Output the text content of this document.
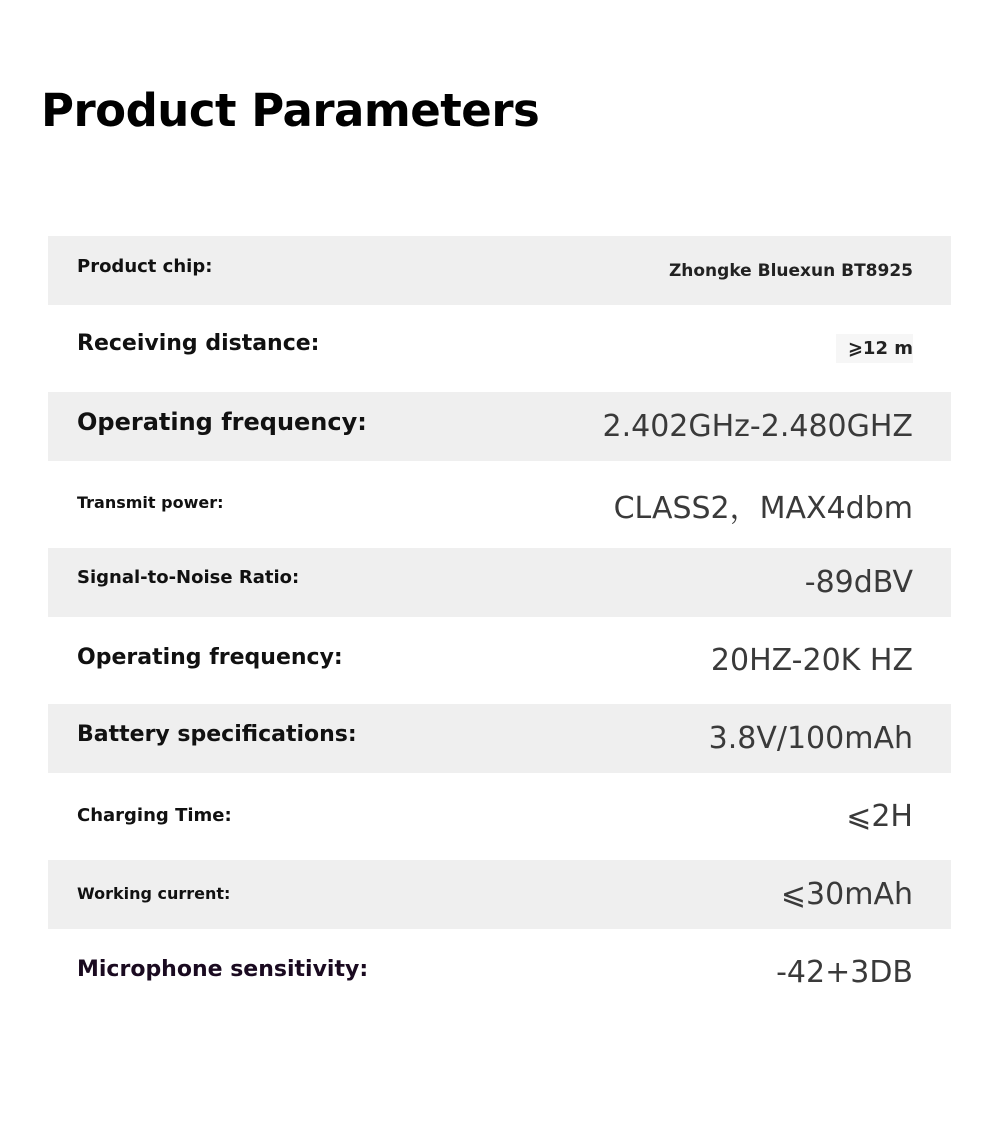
Product Parameters
Product chip:	Zhongke Bluexun BT8925
Receiving distance:	⩾12 m
Operating frequency:	2.402GHz-2.480GHZ
Transmit power:	CLASS2，MAX4dbm
Signal-to-Noise Ratio:	-89dBV
Operating frequency:	20HZ-20K HZ
Battery specifications:	3.8V/100mAh
Charging Time:	⩽2H
Working current:	⩽30mAh
Microphone sensitivity:	-42+3DB
